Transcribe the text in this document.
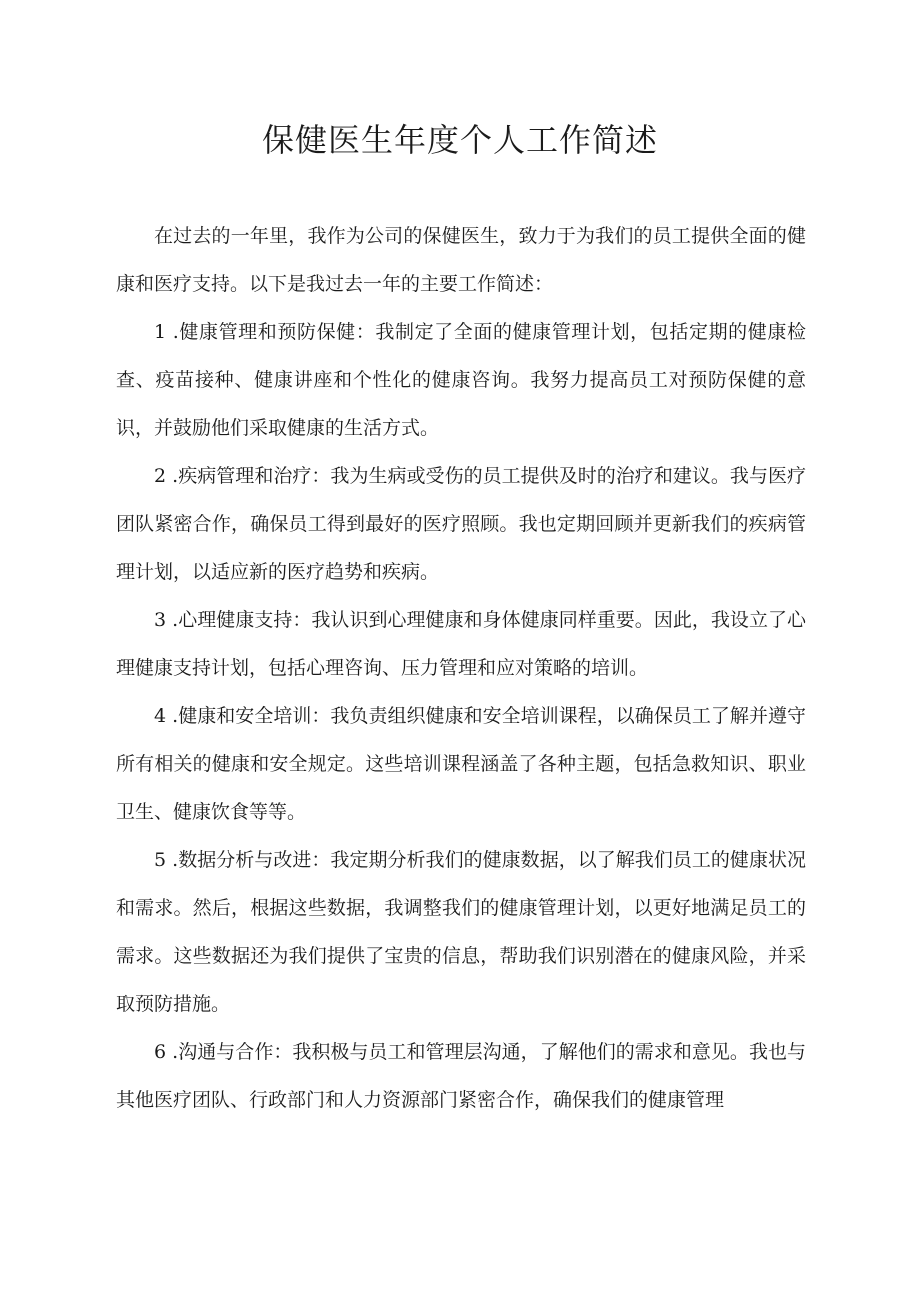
保健医生年度个人工作简述

在过去的一年里，我作为公司的保健医生，致力于为我们的员工提供全面的健康和医疗支持。以下是我过去一年的主要工作简述：

1 .健康管理和预防保健：我制定了全面的健康管理计划，包括定期的健康检查、疫苗接种、健康讲座和个性化的健康咨询。我努力提高员工对预防保健的意识，并鼓励他们采取健康的生活方式。

2 .疾病管理和治疗：我为生病或受伤的员工提供及时的治疗和建议。我与医疗团队紧密合作，确保员工得到最好的医疗照顾。我也定期回顾并更新我们的疾病管理计划，以适应新的医疗趋势和疾病。

3 .心理健康支持：我认识到心理健康和身体健康同样重要。因此，我设立了心理健康支持计划，包括心理咨询、压力管理和应对策略的培训。

4 .健康和安全培训：我负责组织健康和安全培训课程，以确保员工了解并遵守所有相关的健康和安全规定。这些培训课程涵盖了各种主题，包括急救知识、职业卫生、健康饮食等等。

5 .数据分析与改进：我定期分析我们的健康数据，以了解我们员工的健康状况和需求。然后，根据这些数据，我调整我们的健康管理计划，以更好地满足员工的需求。这些数据还为我们提供了宝贵的信息，帮助我们识别潜在的健康风险，并采取预防措施。

6 .沟通与合作：我积极与员工和管理层沟通，了解他们的需求和意见。我也与其他医疗团队、行政部门和人力资源部门紧密合作，确保我们的健康管理
